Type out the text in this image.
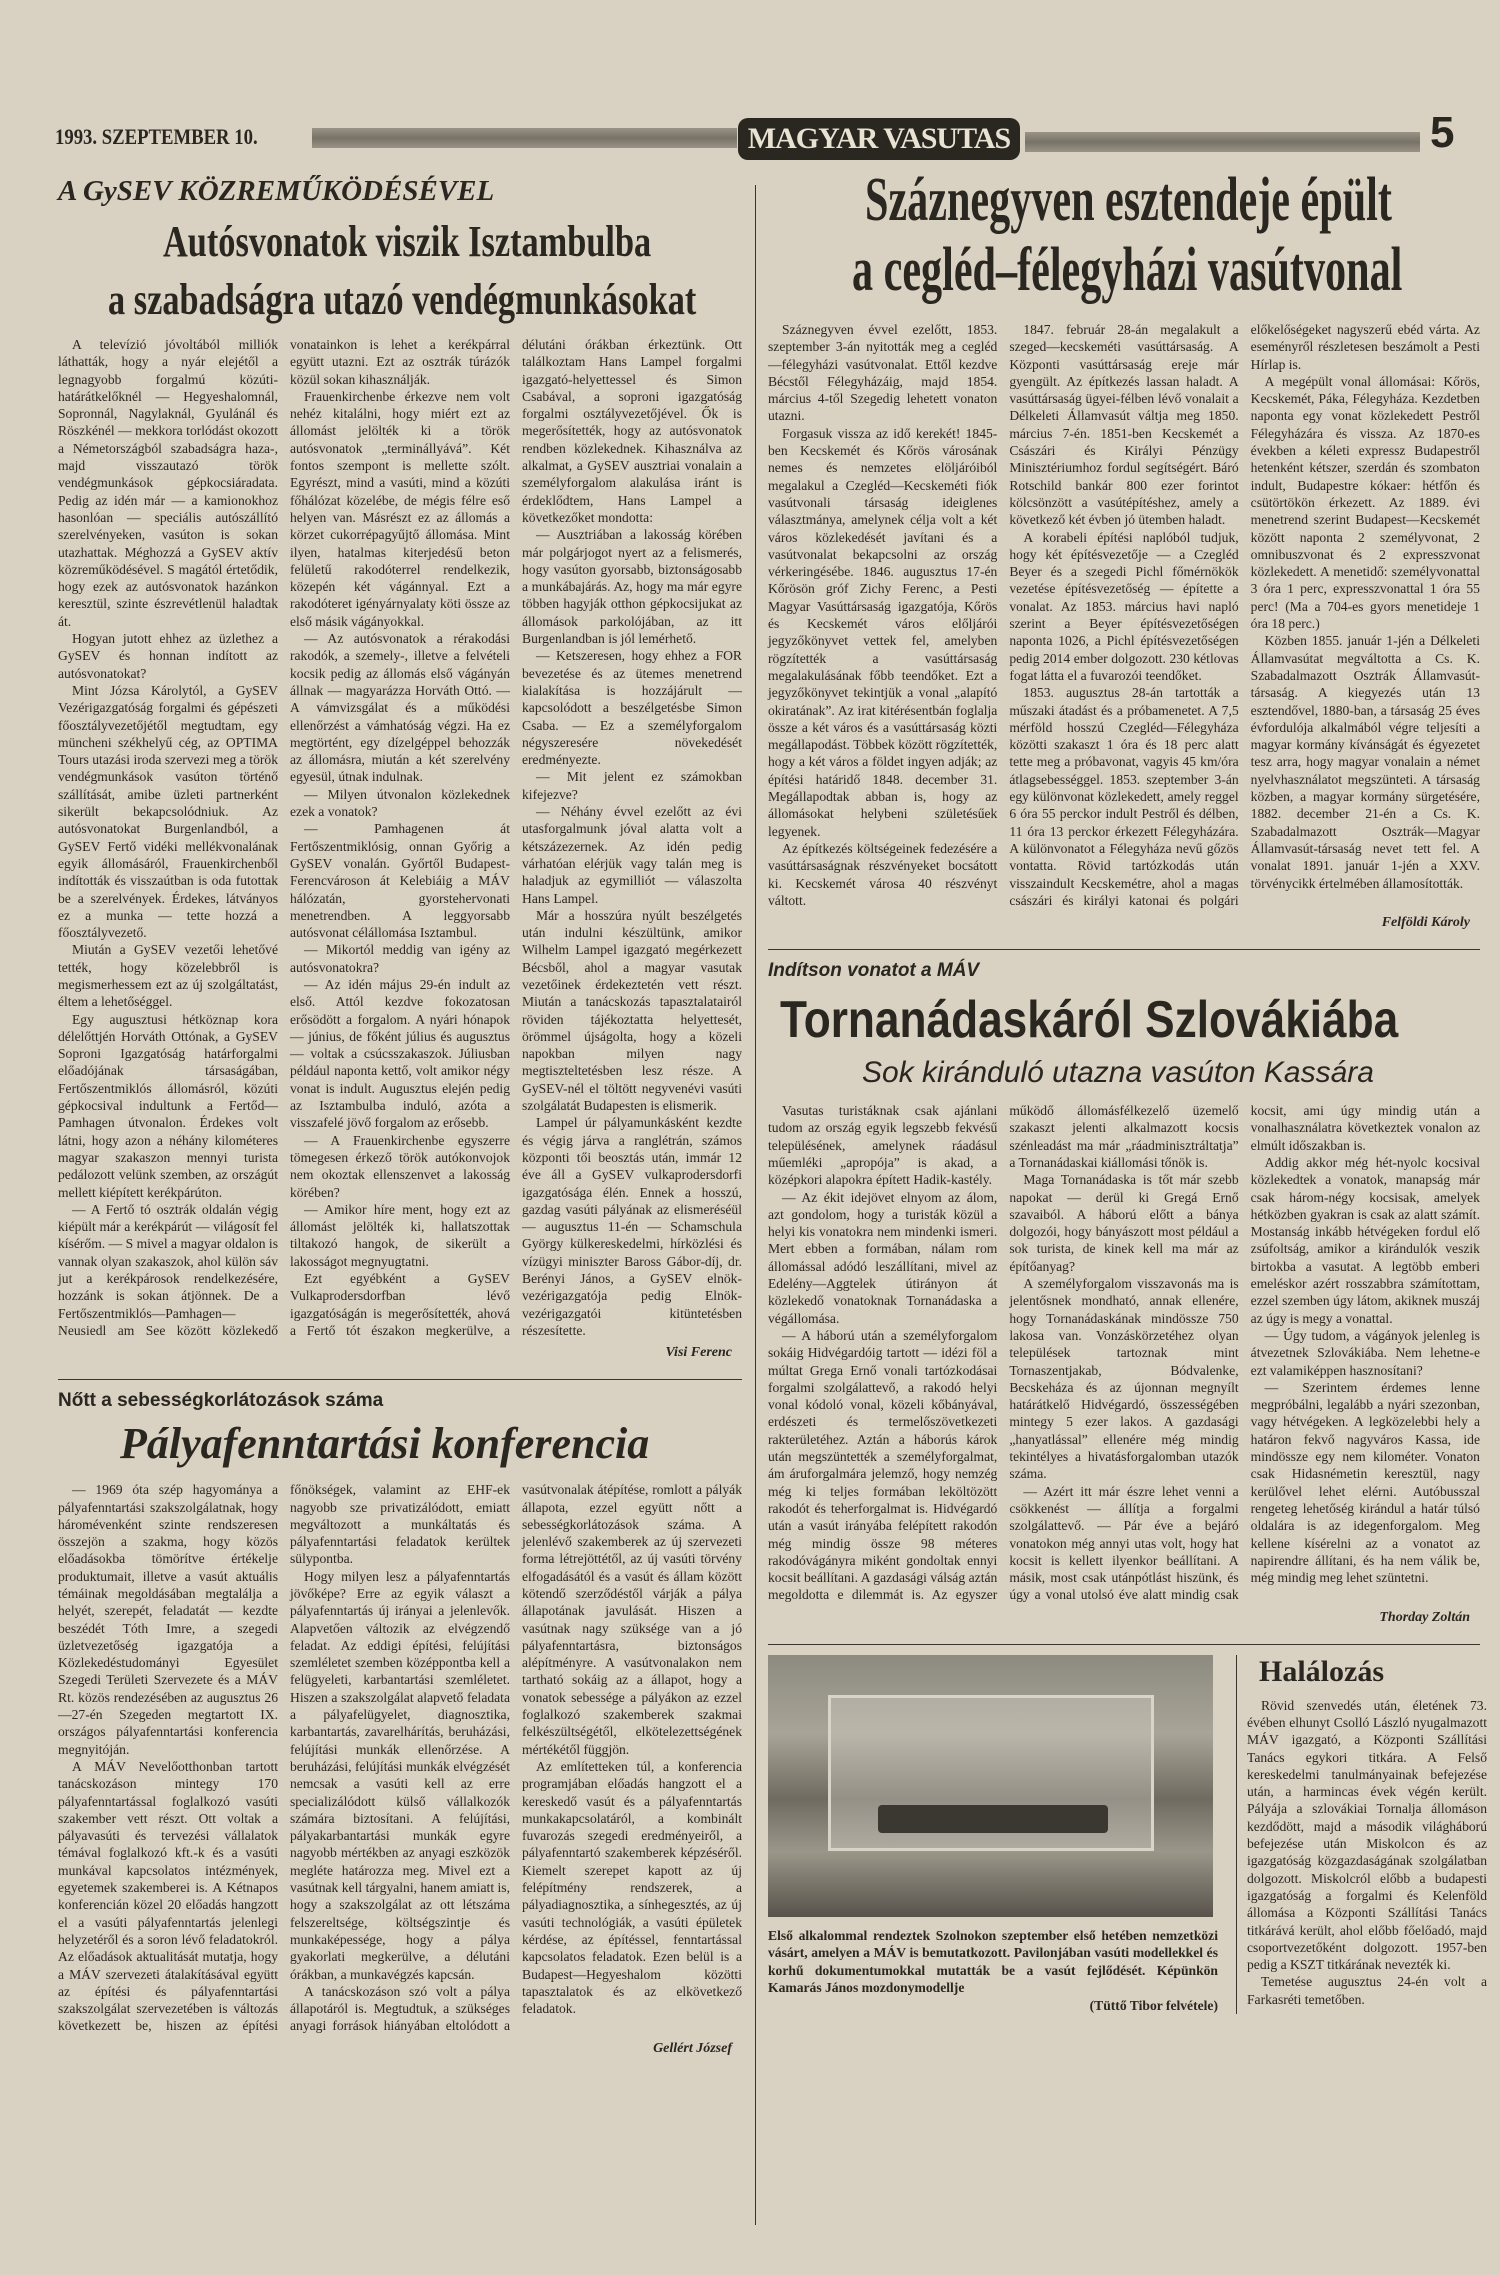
1993. SZEPTEMBER 10.	MAGYAR VASUTAS	5
A GySEV KÖZREMŰKÖDÉSÉVEL
Autósvonatok viszik Isztambulba
a szabadságra utazó vendégmunkásokat

A televízió jóvoltából milliók láthatták, hogy a nyár elejétől a legnagyobb forgalmú közúti-határátkelőknél — Hegyeshalomnál, Sopronnál, Nagylaknál, Gyulánál és Röszkénél — mekkora torlódást okozott a Németországból szabadságra haza-, majd visszautazó török vendégmunkások gépkocsiáradata. Pedig az idén már — a kamionokhoz hasonlóan — speciális autószállító szerelvényeken, vasúton is sokan utazhattak. Méghozzá a GySEV aktív közreműködésével. S magától értetődik, hogy ezek az autósvonatok hazánkon keresztül, szinte észrevétlenül haladtak át.

Hogyan jutott ehhez az üzlethez a GySEV és honnan indított az autósvonatokat?

Mint Józsa Károlytól, a GySEV Vezérigazgatóság forgalmi és gépészeti főosztályvezetőjétől megtudtam, egy müncheni székhelyű cég, az OPTIMA Tours utazási iroda szervezi meg a török vendégmunkások vasúton történő szállítását, amibe üzleti partnerként sikerült bekapcsolódniuk. Az autósvonatokat Burgenlandból, a GySEV Fertő vidéki mellékvonalának egyik állomásáról, Frauenkirchenből indították és visszaútban is oda futottak be a szerelvények. Érdekes, látványos ez a munka — tette hozzá a főosztályvezető.

Miután a GySEV vezetői lehetővé tették, hogy közelebbről is megismerhessem ezt az új szolgáltatást, éltem a lehetőséggel.

Egy augusztusi hétköznap kora délelőttjén Horváth Ottónak, a GySEV Soproni Igazgatóság határforgalmi előadójának társaságában, Fertőszentmiklós állomásról, közúti gépkocsival indultunk a Fertőd—Pamhagen útvonalon. Érdekes volt látni, hogy azon a néhány kilométeres magyar szakaszon mennyi turista pedálozott velünk szemben, az országút mellett kiépített kerékpárúton.

— A Fertő tó osztrák oldalán végig kiépült már a kerékpárút — világosít fel kísérőm. — S mivel a magyar oldalon is vannak olyan szakaszok, ahol külön sáv jut a kerékpárosok rendelkezésére, hozzánk is sokan átjönnek. De a Fertőszentmiklós—Pamhagen— Neusiedl am See között közlekedő vonatainkon is lehet a kerékpárral együtt utazni. Ezt az osztrák túrázók közül sokan kihasználják.

Frauenkirchenbe érkezve nem volt nehéz kitalálni, hogy miért ezt az állomást jelölték ki a török autósvonatok „terminállyává”. Két fontos szempont is mellette szólt. Egyrészt, mind a vasúti, mind a közúti főhálózat közelébe, de mégis félre eső helyen van. Másrészt ez az állomás a körzet cukorrépagyűjtő állomása. Mint ilyen, hatalmas kiterjedésű beton felületű rakodóterrel rendelkezik, közepén két vágánnyal. Ezt a rakodóteret igényárnyalaty köti össze az első másik vágányokkal.

— Az autósvonatok a rérakodási rakodók, a szemely-, illetve a felvételi kocsik pedig az állomás első vágányán állnak — magyarázza Horváth Ottó. — A vámvizsgálat és a működési ellenőrzést a vámhatóság végzi. Ha ez megtörtént, egy dízelgéppel behozzák az állomásra, miután a két szerelvény egyesül, útnak indulnak.

— Milyen útvonalon közlekednek ezek a vonatok?

— Pamhagenen át Fertőszentmiklósig, onnan Győrig a GySEV vonalán. Győrtől Budapest-Ferencvároson át Kelebiáig a MÁV hálózatán, gyorstehervonati menetrendben. A leggyorsabb autósvonat célállomása Isztambul.

— Mikortól meddig van igény az autósvonatokra?

— Az idén május 29-én indult az első. Attól kezdve fokozatosan erősödött a forgalom. A nyári hónapok — június, de főként július és augusztus — voltak a csúcsszakaszok. Júliusban például naponta kettő, volt amikor négy vonat is indult. Augusztus elején pedig az Isztambulba induló, azóta a visszafelé jövő forgalom az erősebb.

— A Frauenkirchenbe egyszerre tömegesen érkező török autókonvojok nem okoztak ellenszenvet a lakosság körében?

— Amikor híre ment, hogy ezt az állomást jelölték ki, hallatszottak tiltakozó hangok, de sikerült a lakosságot megnyugtatni.

Ezt egyébként a GySEV Vulkaprodersdorfban lévő igazgatóságán is megerősítették, ahová a Fertő tót északon megkerülve, a délutáni órákban érkeztünk. Ott találkoztam Hans Lampel forgalmi igazgató-helyettessel és Simon Csabával, a soproni igazgatóság forgalmi osztályvezetőjével. Ők is megerősítették, hogy az autósvonatok rendben közlekednek. Kihasználva az alkalmat, a GySEV ausztriai vonalain a személyforgalom alakulása iránt is érdeklődtem, Hans Lampel a következőket mondotta:

— Ausztriában a lakosság körében már polgárjogot nyert az a felismerés, hogy vasúton gyorsabb, biztonságosabb a munkábajárás. Az, hogy ma már egyre többen hagyják otthon gépkocsijukat az állomások parkolójában, az itt Burgenlandban is jól lemérhető.

— Ketszeresen, hogy ehhez a FOR bevezetése és az ütemes menetrend kialakítása is hozzájárult — kapcsolódott a beszélgetésbe Simon Csaba. — Ez a személyforgalom négyszeresére növekedését eredményezte.

— Mit jelent ez számokban kifejezve?

— Néhány évvel ezelőtt az évi utasforgalmunk jóval alatta volt a kétszázezernek. Az idén pedig várhatóan elérjük vagy talán meg is haladjuk az egymilliót — válaszolta Hans Lampel.

Már a hosszúra nyúlt beszélgetés után indulni készültünk, amikor Wilhelm Lampel igazgató megérkezett Bécsből, ahol a magyar vasutak vezetőinek érdekeztetén vett részt. Miután a tanácskozás tapasztalatairól röviden tájékoztatta helyettesét, örömmel újságolta, hogy a közeli napokban milyen nagy megtiszteltetésben lesz része. A GySEV-nél el töltött negyvenévi vasúti szolgálatát Budapesten is elismerik.

Lampel úr pályamunkásként kezdte és végig járva a ranglétrán, számos központi tői beosztás után, immár 12 éve áll a GySEV vulkaprodersdorfi igazgatósága élén. Ennek a hosszú, gazdag vasúti pályának az elismeréséül — augusztus 11-én — Schamschula György külkereskedelmi, hírközlési és vízügyi miniszter Baross Gábor-díj, dr. Berényi János, a GySEV elnök-vezérigazgatója pedig Elnök-vezérigazgatói kitüntetésben részesítette.

Visi Ferenc
Nőtt a sebességkorlátozások száma
Pályafenntartási konferencia

— 1969 óta szép hagyománya a pályafenntartási szakszolgálatnak, hogy háromévenként szinte rendszeresen összejön a szakma, hogy közös előadásokba tömörítve értékelje produktumait, illetve a vasút aktuális témáinak megoldásában megtalálja a helyét, szerepét, feladatát — kezdte beszédét Tóth Imre, a szegedi üzletvezetőség igazgatója a Közlekedéstudományi Egyesület Szegedi Területi Szervezete és a MÁV Rt. közös rendezésében az augusztus 26—27-én Szegeden megtartott IX. országos pályafenntartási konferencia megnyitóján.

A MÁV Nevelőotthonban tartott tanácskozáson mintegy 170 pályafenntartással foglalkozó vasúti szakember vett részt. Ott voltak a pályavasúti és tervezési vállalatok témával foglalkozó kft.-k és a vasúti munkával kapcsolatos intézmények, egyetemek szakemberei is. A Kétnapos konferencián közel 20 előadás hangzott el a vasúti pályafenntartás jelenlegi helyzetéről és a soron lévő feladatokról. Az előadások aktualitását mutatja, hogy a MÁV szervezeti átalakításával együtt az építési és pályafenntartási szakszolgálat szervezetében is változás következett be, hiszen az építési főnökségek, valamint az EHF-ek nagyobb sze privatizálódott, emiatt megváltozott a munkáltatás és pályafenntartási feladatok kerültek sülypontba.

Hogy milyen lesz a pályafenntartás jövőképe? Erre az egyik választ a pályafenntartás új irányai a jelenlevők. Alapvetően változik az elvégzendő feladat. Az eddigi építési, felújítási szemléletet szemben középpontba kell a felügyeleti, karbantartási szemléletet. Hiszen a szakszolgálat alapvető feladata a pályafelügyelet, diagnosztika, karbantartás, zavarelhárítás, beruházási, felújítási munkák ellenőrzése. A beruházási, felújítási munkák elvégzését nemcsak a vasúti kell az erre specializálódott külső vállalkozók számára biztosítani. A felújítási, pályakarbantartási munkák egyre nagyobb mértékben az anyagi eszközök megléte határozza meg. Mivel ezt a vasútnak kell tárgyalni, hanem amiatt is, hogy a szakszolgálat az ott létszáma felszereltsége, költségszintje és munkaképessége, hogy a pálya gyakorlati megkerülve, a délutáni órákban, a munkavégzés kapcsán.

A tanácskozáson szó volt a pálya állapotáról is. Megtudtuk, a szükséges anyagi források hiányában eltolódott a vasútvonalak átépítése, romlott a pályák állapota, ezzel együtt nőtt a sebességkorlátozások száma. A jelenlévő szakemberek az új szervezeti forma létrejöttétől, az új vasúti törvény elfogadásától és a vasút és állam között kötendő szerződéstől várják a pálya állapotának javulását. Hiszen a vasútnak nagy szüksége van a jó pályafenntartásra, biztonságos alépítményre. A vasútvonalakon nem tartható sokáig az a állapot, hogy a vonatok sebessége a pályákon az ezzel foglalkozó szakemberek szakmai felkészültségétől, elkötelezettségének mértékétől függjön.

Az említetteken túl, a konferencia programjában előadás hangzott el a kereskedő vasút és a pályafenntartás munkakapcsolatáról, a kombinált fuvarozás szegedi eredményeiről, a pályafenntartó szakemberek képzéséről. Kiemelt szerepet kapott az új felépítmény rendszerek, a pályadiagnosztika, a sínhegesztés, az új vasúti technológiák, a vasúti épületek kérdése, az építéssel, fenntartással kapcsolatos feladatok. Ezen belül is a Budapest—Hegyeshalom közötti tapasztalatok és az elkövetkező feladatok.

Gellért József
Száznegyven esztendeje épült
a cegléd–félegyházi vasútvonal

Száznegyven évvel ezelőtt, 1853. szeptember 3-án nyitották meg a cegléd—félegyházi vasútvonalat. Ettől kezdve Bécstől Félegyházáig, majd 1854. március 4-től Szegedig lehetett vonaton utazni.

Forgasuk vissza az idő kerekét! 1845-ben Kecskemét és Kőrös városának nemes és nemzetes elöljáróiból megalakul a Czegléd—Kecskeméti fiók vasútvonali társaság ideiglenes választmánya, amelynek célja volt a két város közlekedését javítani és a vasútvonalat bekapcsolni az ország vérkeringésébe. 1846. augusztus 17-én Kőrösön gróf Zichy Ferenc, a Pesti Magyar Vasúttársaság igazgatója, Kőrös és Kecskemét város előljárói jegyzőkönyvet vettek fel, amelyben rögzítették a vasúttársaság megalakulásának főbb teendőket. Ezt a jegyzőkönyvet tekintjük a vonal „alapító okiratának”. Az irat kitérésentbán foglalja össze a két város és a vasúttársaság közti megállapodást. Többek között rögzítették, hogy a két város a földet ingyen adják; az építési határidő 1848. december 31. Megállapodtak abban is, hogy az állomásokat helybeni születésűek legyenek.

Az építkezés költségeinek fedezésére a vasúttársaságnak részvényeket bocsátott ki. Kecskemét városa 40 részvényt váltott.

1847. február 28-án megalakult a szeged—kecskeméti vasúttársaság. A Központi vasúttársaság ereje már gyengült. Az építkezés lassan haladt. A vasúttársaság ügyei-félben lévő vonalait a Délkeleti Államvasút váltja meg 1850. március 7-én. 1851-ben Kecskemét a Császári és Királyi Pénzügy Minisztériumhoz fordul segítségért. Báró Rotschild bankár 800 ezer forintot kölcsönzött a vasútépítéshez, amely a következő két évben jó ütemben haladt.

A korabeli építési naplóból tudjuk, hogy két építésvezetője — a Czegléd Beyer és a szegedi Pichl főmérnökök vezetése építésvezetőség — építette a vonalat. Az 1853. március havi napló szerint a Beyer építésvezetőségen naponta 1026, a Pichl építésvezetőségen pedig 2014 ember dolgozott. 230 kétlovas fogat látta el a fuvarozói teendőket.

1853. augusztus 28-án tartották a műszaki átadást és a próbamenetet. A 7,5 mérföld hosszú Czegléd—Félegyháza közötti szakaszt 1 óra és 18 perc alatt tette meg a próbavonat, vagyis 45 km/óra átlagsebességgel. 1853. szeptember 3-án egy különvonat közlekedett, amely reggel 6 óra 55 perckor indult Pestről és délben, 11 óra 13 perckor érkezett Félegyházára. A különvonatot a Félegyháza nevű gőzös vontatta. Rövid tartózkodás után visszaindult Kecskemétre, ahol a magas császári és királyi katonai és polgári előkelőségeket nagyszerű ebéd várta. Az eseményről részletesen beszámolt a Pesti Hírlap is.

A megépült vonal állomásai: Kőrös, Kecskemét, Páka, Félegyháza. Kezdetben naponta egy vonat közlekedett Pestről Félegyházára és vissza. Az 1870-es években a kéleti expressz Budapestről hetenként kétszer, szerdán és szombaton indult, Budapestre kókaer: hétfőn és csütörtökön érkezett. Az 1889. évi menetrend szerint Budapest—Kecskemét között naponta 2 személyvonat, 2 omnibuszvonat és 2 expresszvonat közlekedett. A menetidő: személyvonattal 3 óra 1 perc, expresszvonattal 1 óra 55 perc! (Ma a 704-es gyors menetideje 1 óra 18 perc.)

Közben 1855. január 1-jén a Délkeleti Államvasútat megváltotta a Cs. K. Szabadalmazott Osztrák Államvasút-társaság. A kiegyezés után 13 esztendővel, 1880-ban, a társaság 25 éves évfordulója alkalmából végre teljesíti a magyar kormány kívánságát és égyezetet tesz arra, hogy magyar vonalain a német nyelvhasználatot megszünteti. A társaság közben, a magyar kormány sürgetésére, 1882. december 21-én a Cs. K. Szabadalmazott Osztrák—Magyar Államvasút-társaság nevet tett fel. A vonalat 1891. január 1-jén a XXV. törvénycikk értelmében államosították.

Felföldi Károly
Indítson vonatot a MÁV
Tornanádaskáról Szlovákiába
Sok kiránduló utazna vasúton Kassára

Vasutas turistáknak csak ajánlani tudom az ország egyik legszebb fekvésű településének, amelynek ráadásul műemléki „apropója” is akad, a középkori alapokra épített Hadik-kastély.

— Az ékit idejövet elnyom az álom, azt gondolom, hogy a turisták közül a helyi kis vonatokra nem mindenki ismeri. Mert ebben a formában, nálam rom állomással adódó leszállítani, mivel az Edelény—Aggtelek útirányon át közlekedő vonatoknak Tornanádaska a végállomása.

— A háború után a személyforgalom sokáig Hidvégardóig tartott — idézi föl a múltat Grega Ernő vonali tartózkodásai forgalmi szolgálattevő, a rakodó helyi vonal kódoló vonal, közeli kőbányával, erdészeti és termelőszövetkezeti rakterületéhez. Aztán a háborús károk után megszüntették a személyforgalmat, ám áruforgalmára jelemző, hogy nemzég még ki teljes formában leköltözött rakodót és teherforgalmat is. Hidvégardó után a vasút irányába felépített rakodón még mindig össze 98 méteres rakodóvágányra miként gondoltak ennyi kocsit beállítani. A gazdasági válság aztán megoldotta e dilemmát is. Az egyszer működő állomásfélkezelő üzemelő szakaszt jelenti alkalmazott kocsis szénleadást ma már „ráadminisztráltatja” a Tornanádaskai kiállomási tőnök is.

Maga Tornanádaska is tőt már szebb napokat — derül ki Gregá Ernő szavaiból. A háború előtt a bánya dolgozói, hogy bányászott most például a sok turista, de kinek kell ma már az építőanyag?

A személyforgalom visszavonás ma is jelentősnek mondható, annak ellenére, hogy Tornanádaskának mindössze 750 lakosa van. Vonzáskörzetéhez olyan települések tartoznak mint Tornaszentjakab, Bódvalenke, Becskeháza és az újonnan megnyílt határátkelő Hidvégardó, összességében mintegy 5 ezer lakos. A gazdasági „hanyatlással” ellenére még mindig tekintélyes a hivatásforgalomban utazók száma.

— Azért itt már észre lehet venni a csökkenést — állítja a forgalmi szolgálattevő. — Pár éve a bejáró vonatokon még annyi utas volt, hogy hat kocsit is kellett ilyenkor beállítani. A másik, most csak utánpótlást hiszünk, és úgy a vonal utolsó éve alatt mindig csak kocsit, ami úgy mindig után a vonalhasználatra következtek vonalon az elmúlt időszakban is.

Addig akkor még hét-nyolc kocsival közlekedtek a vonatok, manapság már csak három-négy kocsisak, amelyek hétközben gyakran is csak az alatt számít. Mostanság inkább hétvégeken fordul elő zsúfoltság, amikor a kirándulók veszik birtokba a vasutat. A legtöbb emberi emeléskor azért rosszabbra számítottam, ezzel szemben úgy látom, akiknek muszáj az úgy is megy a vonattal.

— Úgy tudom, a vágányok jelenleg is átvezetnek Szlovákiába. Nem lehetne-e ezt valamiképpen hasznosítani?

— Szerintem érdemes lenne megpróbálni, legalább a nyári szezonban, vagy hétvégeken. A legközelebbi hely a határon fekvő nagyváros Kassa, ide mindössze egy nem kilométer. Vonaton csak Hidasnémetin keresztül, nagy kerülővel lehet elérni. Autóbusszal rengeteg lehetőség kirándul a határ túlsó oldalára is az idegenforgalom. Meg kellene kísérelni az a vonatot az napirendre állítani, és ha nem válik be, még mindig meg lehet szüntetni.

Thorday Zoltán
Első alkalommal rendeztek Szolnokon szeptember első hetében nemzetközi vásárt, amelyen a MÁV is bemutatkozott. Pavilonjában vasúti modellekkel és korhű dokumentumokkal mutatták be a vasút fejlődését. Képünkön Kamarás János mozdonymodellje
(Tüttő Tibor felvétele)
Halálozás

Rövid szenvedés után, életének 73. évében elhunyt Csolló László nyugalmazott MÁV igazgató, a Központi Szállítási Tanács egykori titkára. A Felső kereskedelmi tanulmányainak befejezése után, a harmincas évek végén került. Pályája a szlovákiai Tornalja állomáson kezdődött, majd a második világháború befejezése után Miskolcon és az igazgatóság közgazdaságának szolgálatban dolgozott. Miskolcról előbb a budapesti igazgatóság a forgalmi és Kelenföld állomása a Központi Szállítási Tanács titkárává került, ahol előbb főelőadó, majd csoportvezetőként dolgozott. 1957-ben pedig a KSZT titkárának nevezték ki.

Temetése augusztus 24-én volt a Farkasréti temetőben.
